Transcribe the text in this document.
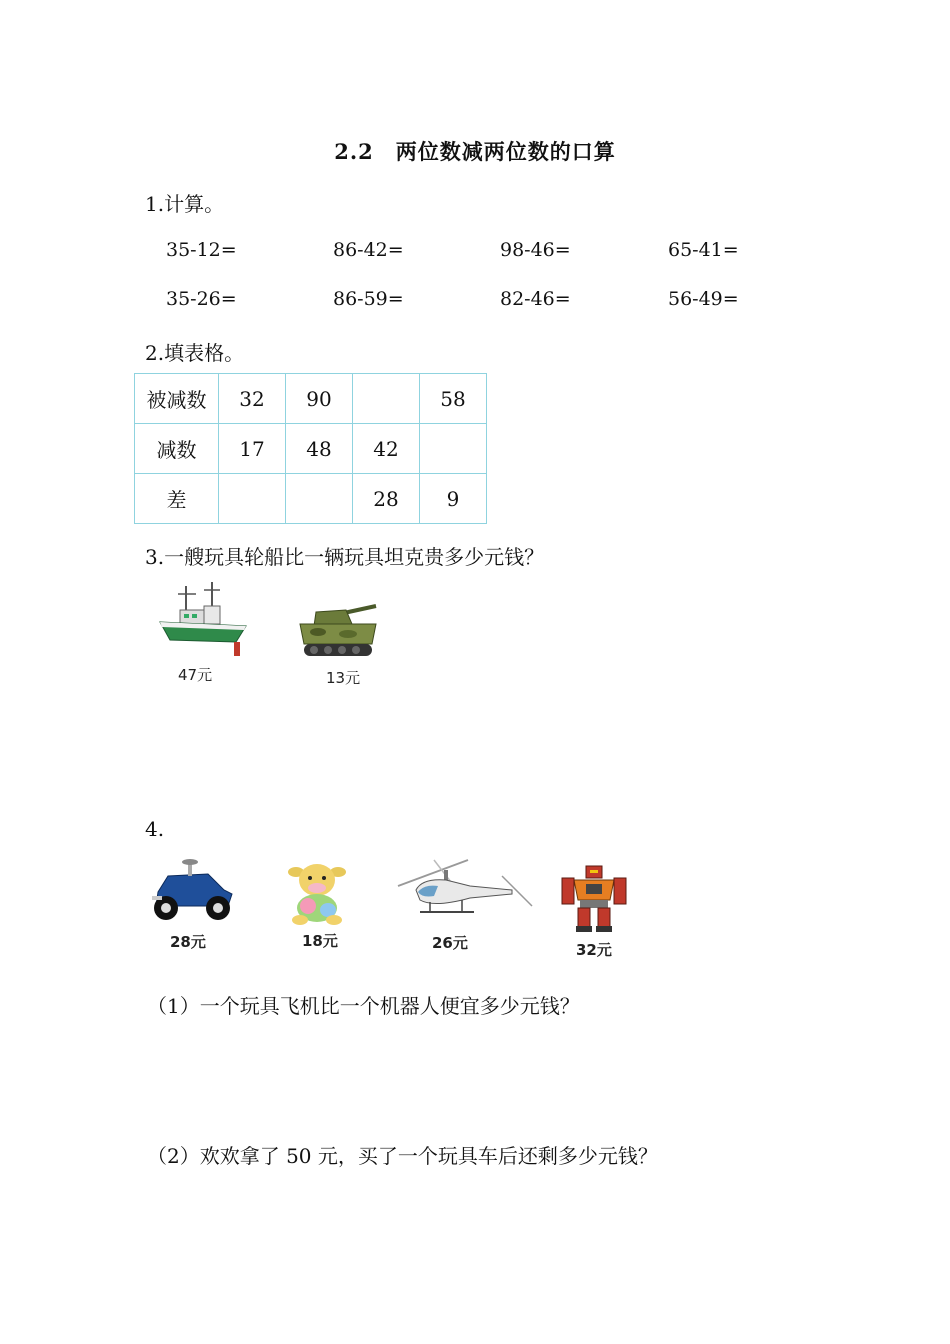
2.2　两位数减两位数的口算
1.计算。
35-12=	86-42=	98-46=	65-41=
35-26=	86-59=	82-46=	56-49=
2.填表格。
被减数	32	90		58
减数	17	48	42	
差			28	9
3.一艘玩具轮船比一辆玩具坦克贵多少元钱？
47元	13元
4.
28元	18元	26元	32元
（1）一个玩具飞机比一个机器人便宜多少元钱？
（2）欢欢拿了 50 元，买了一个玩具车后还剩多少元钱？
